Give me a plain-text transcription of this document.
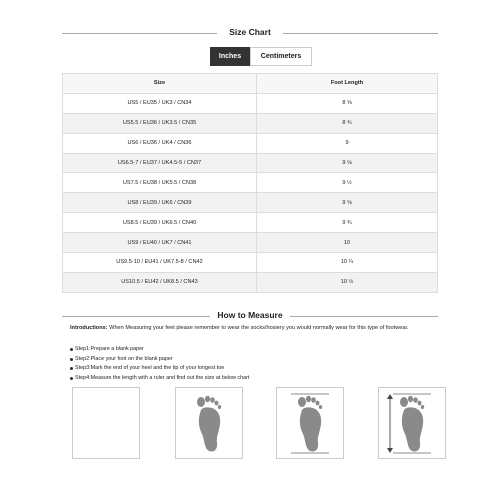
Size Chart
Inches	Centimeters
Size	Foot Length
US5 / EU35 / UK3 / CN34	8 ⅝
US5.5 / EU36 / UK3.5 / CN35	8 ¾
US6 / EU36 / UK4 / CN36	9
US6.5-7 / EU37 / UK4.5-5 / CN37	9 ⅛
US7.5 / EU38 / UK5.5 / CN38	9 ½
US8 / EU39 / UK6 / CN39	9 ⅝
US8.5 / EU39 / UK6.5 / CN40	9 ¾
US9 / EU40 / UK7 / CN41	10
US9.5-10 / EU41 / UK7.5-8 / CN42	10 ¼
US10.5 / EU42 / UK8.5 / CN43	10 ½
How to Measure
Introductions: When Measuring your feet please remember to wear the socks/hosiery you would normally wear for this type of footwear.
Step1:Prepare a blank paper
Step2:Place your foot on the blank paper
Step3:Mark the end of your heel and the tip of your longest toe
Step4:Measure the length with a ruler and find out the size at below chart
